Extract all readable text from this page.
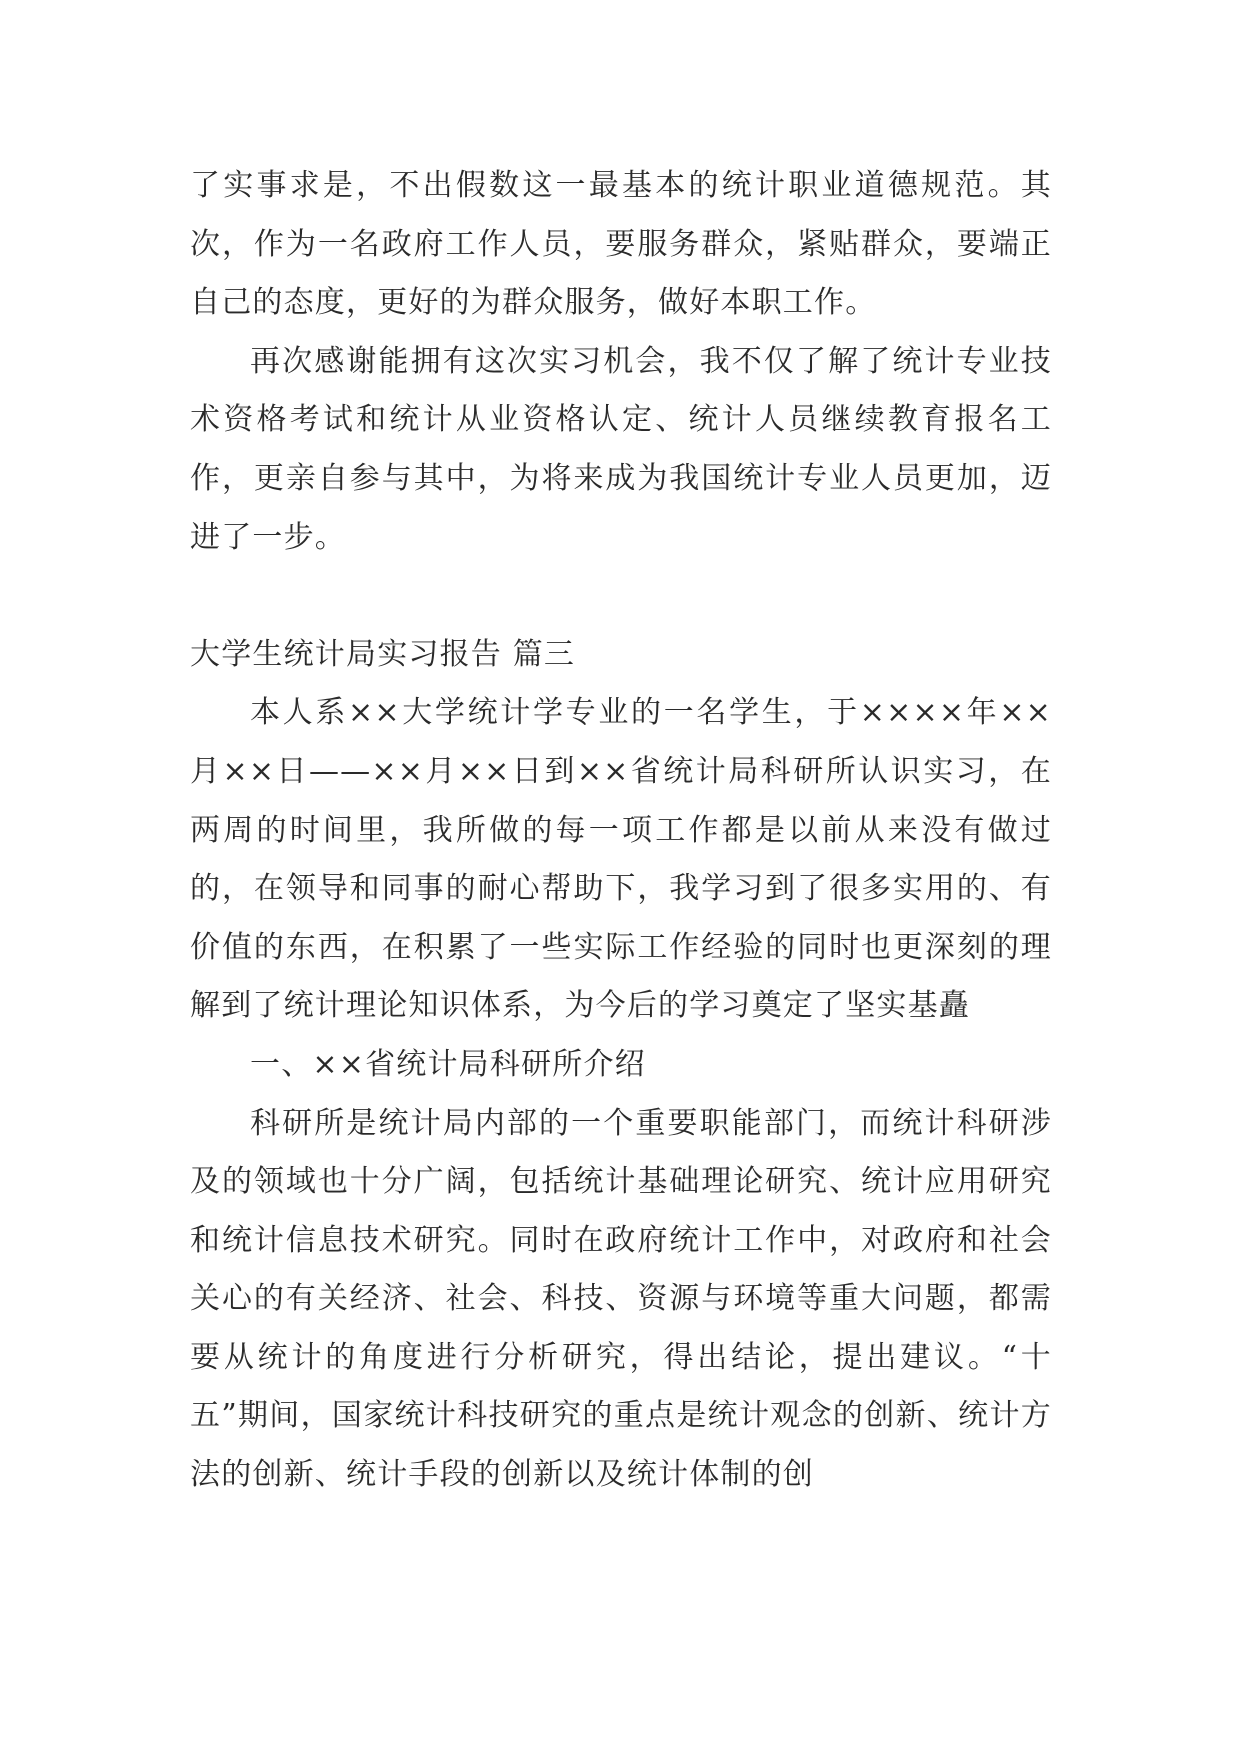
了实事求是，不出假数这一最基本的统计职业道德规范。其次，作为一名政府工作人员，要服务群众，紧贴群众，要端正自己的态度，更好的为群众服务，做好本职工作。

再次感谢能拥有这次实习机会，我不仅了解了统计专业技术资格考试和统计从业资格认定、统计人员继续教育报名工作，更亲自参与其中，为将来成为我国统计专业人员更加，迈进了一步。

大学生统计局实习报告 篇三

本人系××大学统计学专业的一名学生，于××××年××月××日——××月××日到××省统计局科研所认识实习，在两周的时间里，我所做的每一项工作都是以前从来没有做过的，在领导和同事的耐心帮助下，我学习到了很多实用的、有价值的东西，在积累了一些实际工作经验的同时也更深刻的理解到了统计理论知识体系，为今后的学习奠定了坚实基矗

一、××省统计局科研所介绍

科研所是统计局内部的一个重要职能部门，而统计科研涉及的领域也十分广阔，包括统计基础理论研究、统计应用研究和统计信息技术研究。同时在政府统计工作中，对政府和社会关心的有关经济、社会、科技、资源与环境等重大问题，都需要从统计的角度进行分析研究，得出结论，提出建议。“十五”期间，国家统计科技研究的重点是统计观念的创新、统计方法的创新、统计手段的创新以及统计体制的创
